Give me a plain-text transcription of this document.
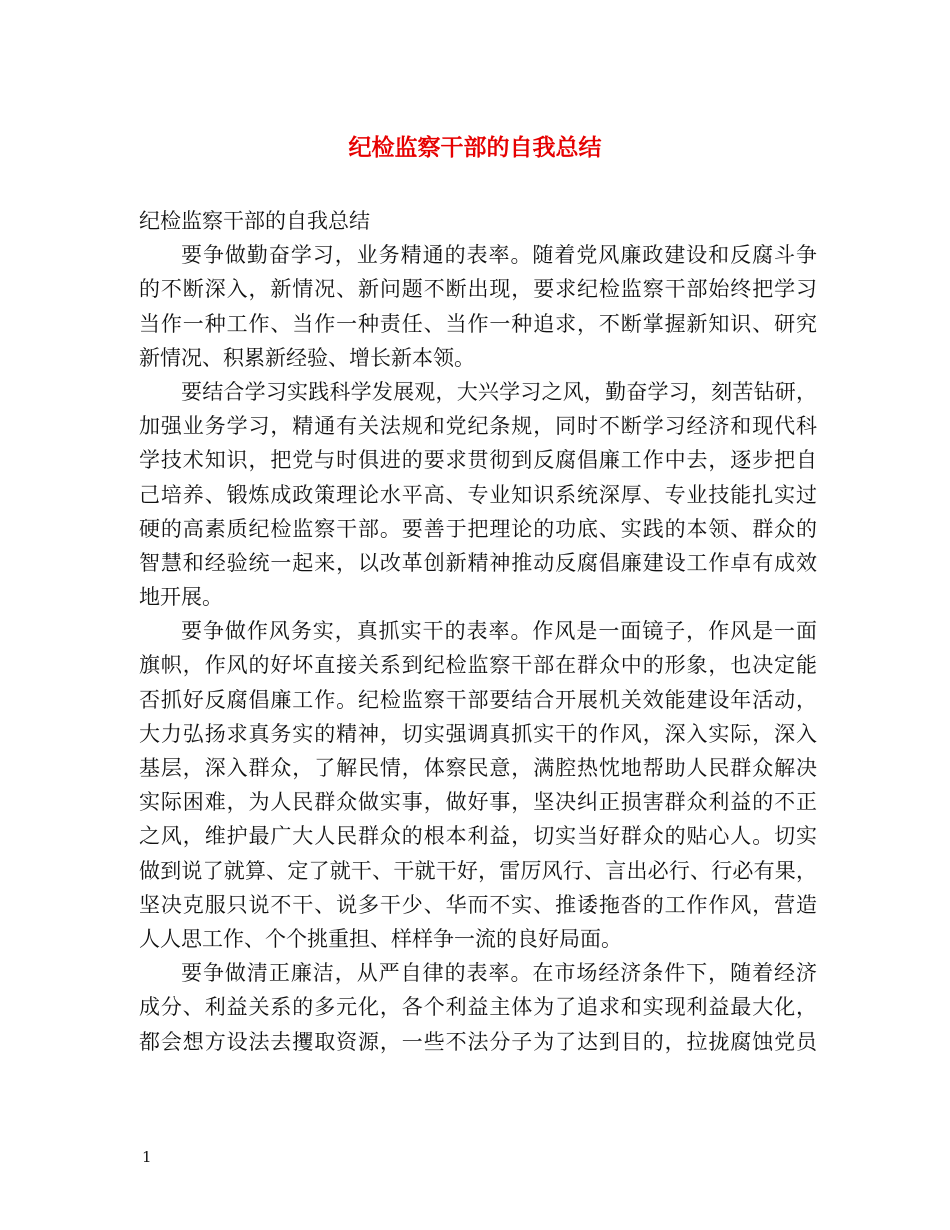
纪检监察干部的自我总结
纪检监察干部的自我总结
要争做勤奋学习，业务精通的表率。随着党风廉政建设和反腐斗争
的不断深入，新情况、新问题不断出现，要求纪检监察干部始终把学习
当作一种工作、当作一种责任、当作一种追求，不断掌握新知识、研究
新情况、积累新经验、增长新本领。
要结合学习实践科学发展观，大兴学习之风，勤奋学习，刻苦钻研，
加强业务学习，精通有关法规和党纪条规，同时不断学习经济和现代科
学技术知识，把党与时俱进的要求贯彻到反腐倡廉工作中去，逐步把自
己培养、锻炼成政策理论水平高、专业知识系统深厚、专业技能扎实过
硬的高素质纪检监察干部。要善于把理论的功底、实践的本领、群众的
智慧和经验统一起来，以改革创新精神推动反腐倡廉建设工作卓有成效
地开展。
要争做作风务实，真抓实干的表率。作风是一面镜子，作风是一面
旗帜，作风的好坏直接关系到纪检监察干部在群众中的形象，也决定能
否抓好反腐倡廉工作。纪检监察干部要结合开展机关效能建设年活动，
大力弘扬求真务实的精神，切实强调真抓实干的作风，深入实际，深入
基层，深入群众，了解民情，体察民意，满腔热忱地帮助人民群众解决
实际困难，为人民群众做实事，做好事，坚决纠正损害群众利益的不正
之风，维护最广大人民群众的根本利益，切实当好群众的贴心人。切实
做到说了就算、定了就干、干就干好，雷厉风行、言出必行、行必有果，
坚决克服只说不干、说多干少、华而不实、推诿拖沓的工作作风，营造
人人思工作、个个挑重担、样样争一流的良好局面。
要争做清正廉洁，从严自律的表率。在市场经济条件下，随着经济
成分、利益关系的多元化，各个利益主体为了追求和实现利益最大化，
都会想方设法去攫取资源，一些不法分子为了达到目的，拉拢腐蚀党员
1
